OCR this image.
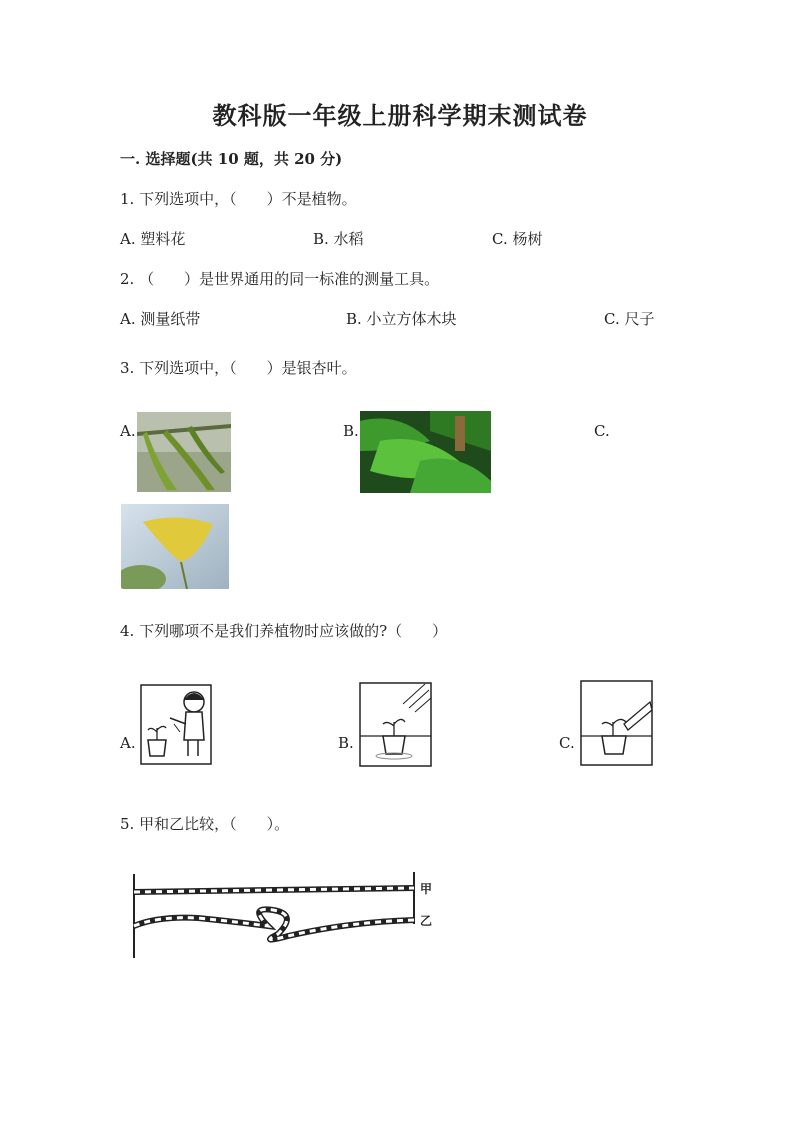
教科版一年级上册科学期末测试卷
一. 选择题(共 10 题，共 20 分)
1. 下列选项中，（　　）不是植物。
A. 塑料花	B. 水稻	C. 杨树
2. （　　）是世界通用的同一标准的测量工具。
A. 测量纸带	B. 小立方体木块	C. 尺子
3. 下列选项中，（　　）是银杏叶。
A.	B.	C.
4. 下列哪项不是我们养植物时应该做的?（　　）
A.	B.	C.
5. 甲和乙比较，（　　）。
甲
乙
